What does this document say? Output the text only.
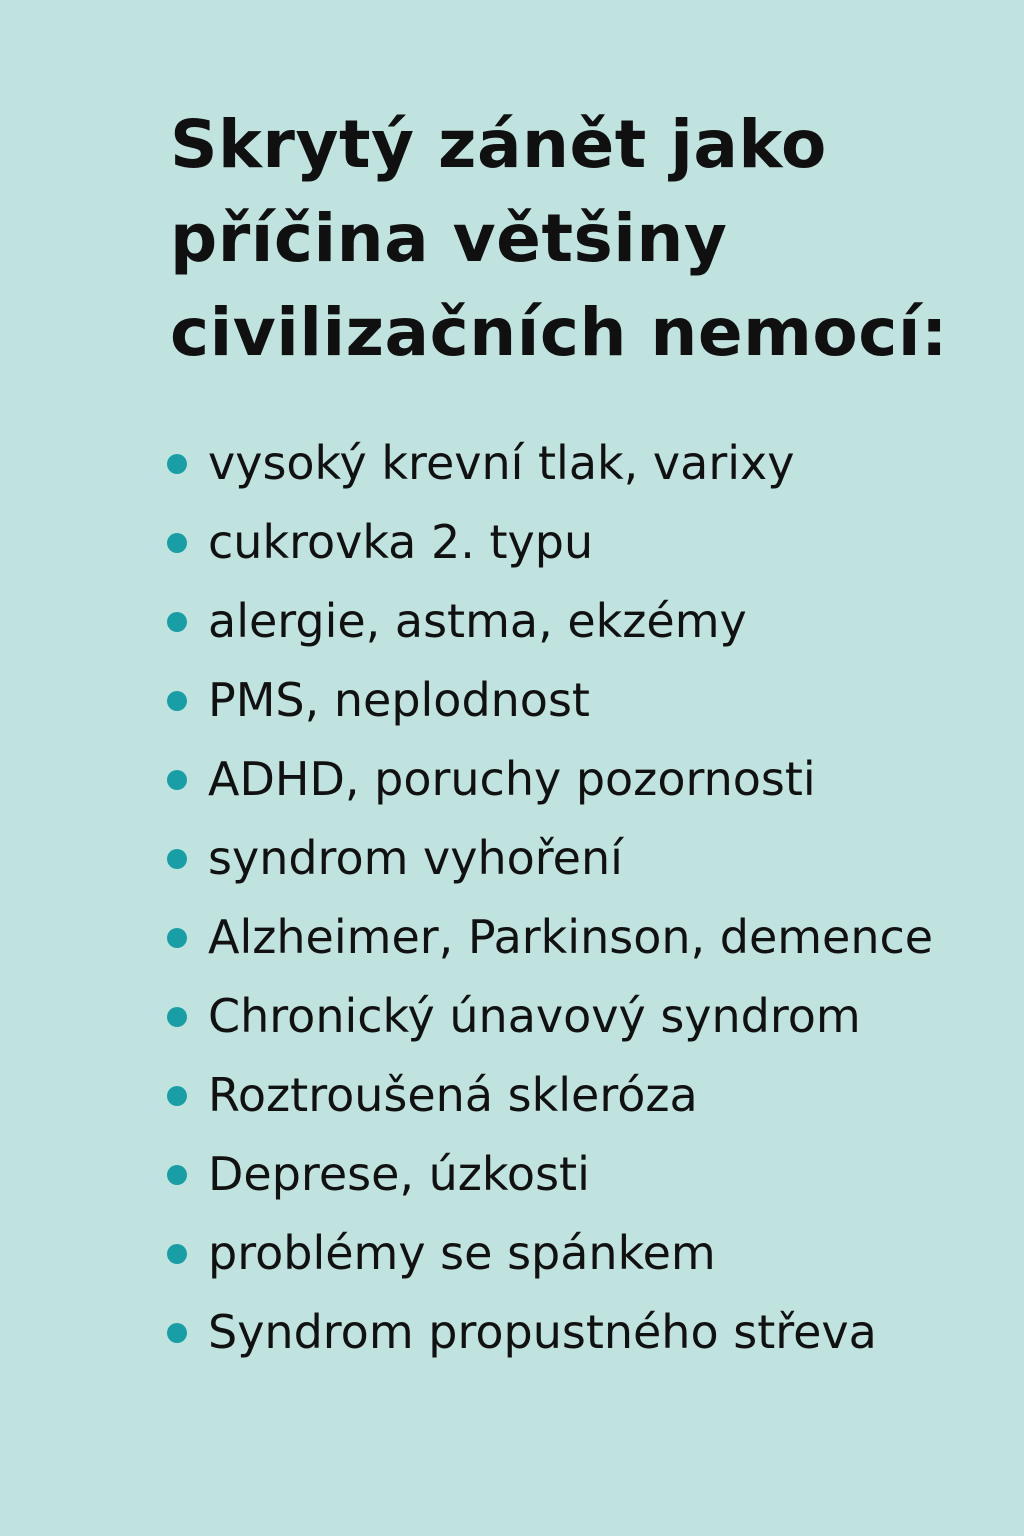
Skrytý zánět jako
příčina většiny
civilizačních nemocí:
vysoký krevní tlak, varixy
cukrovka 2. typu
alergie, astma, ekzémy
PMS, neplodnost
ADHD, poruchy pozornosti
syndrom vyhoření
Alzheimer, Parkinson, demence
Chronický únavový syndrom
Roztroušená skleróza
Deprese, úzkosti
problémy se spánkem
Syndrom propustného střeva
